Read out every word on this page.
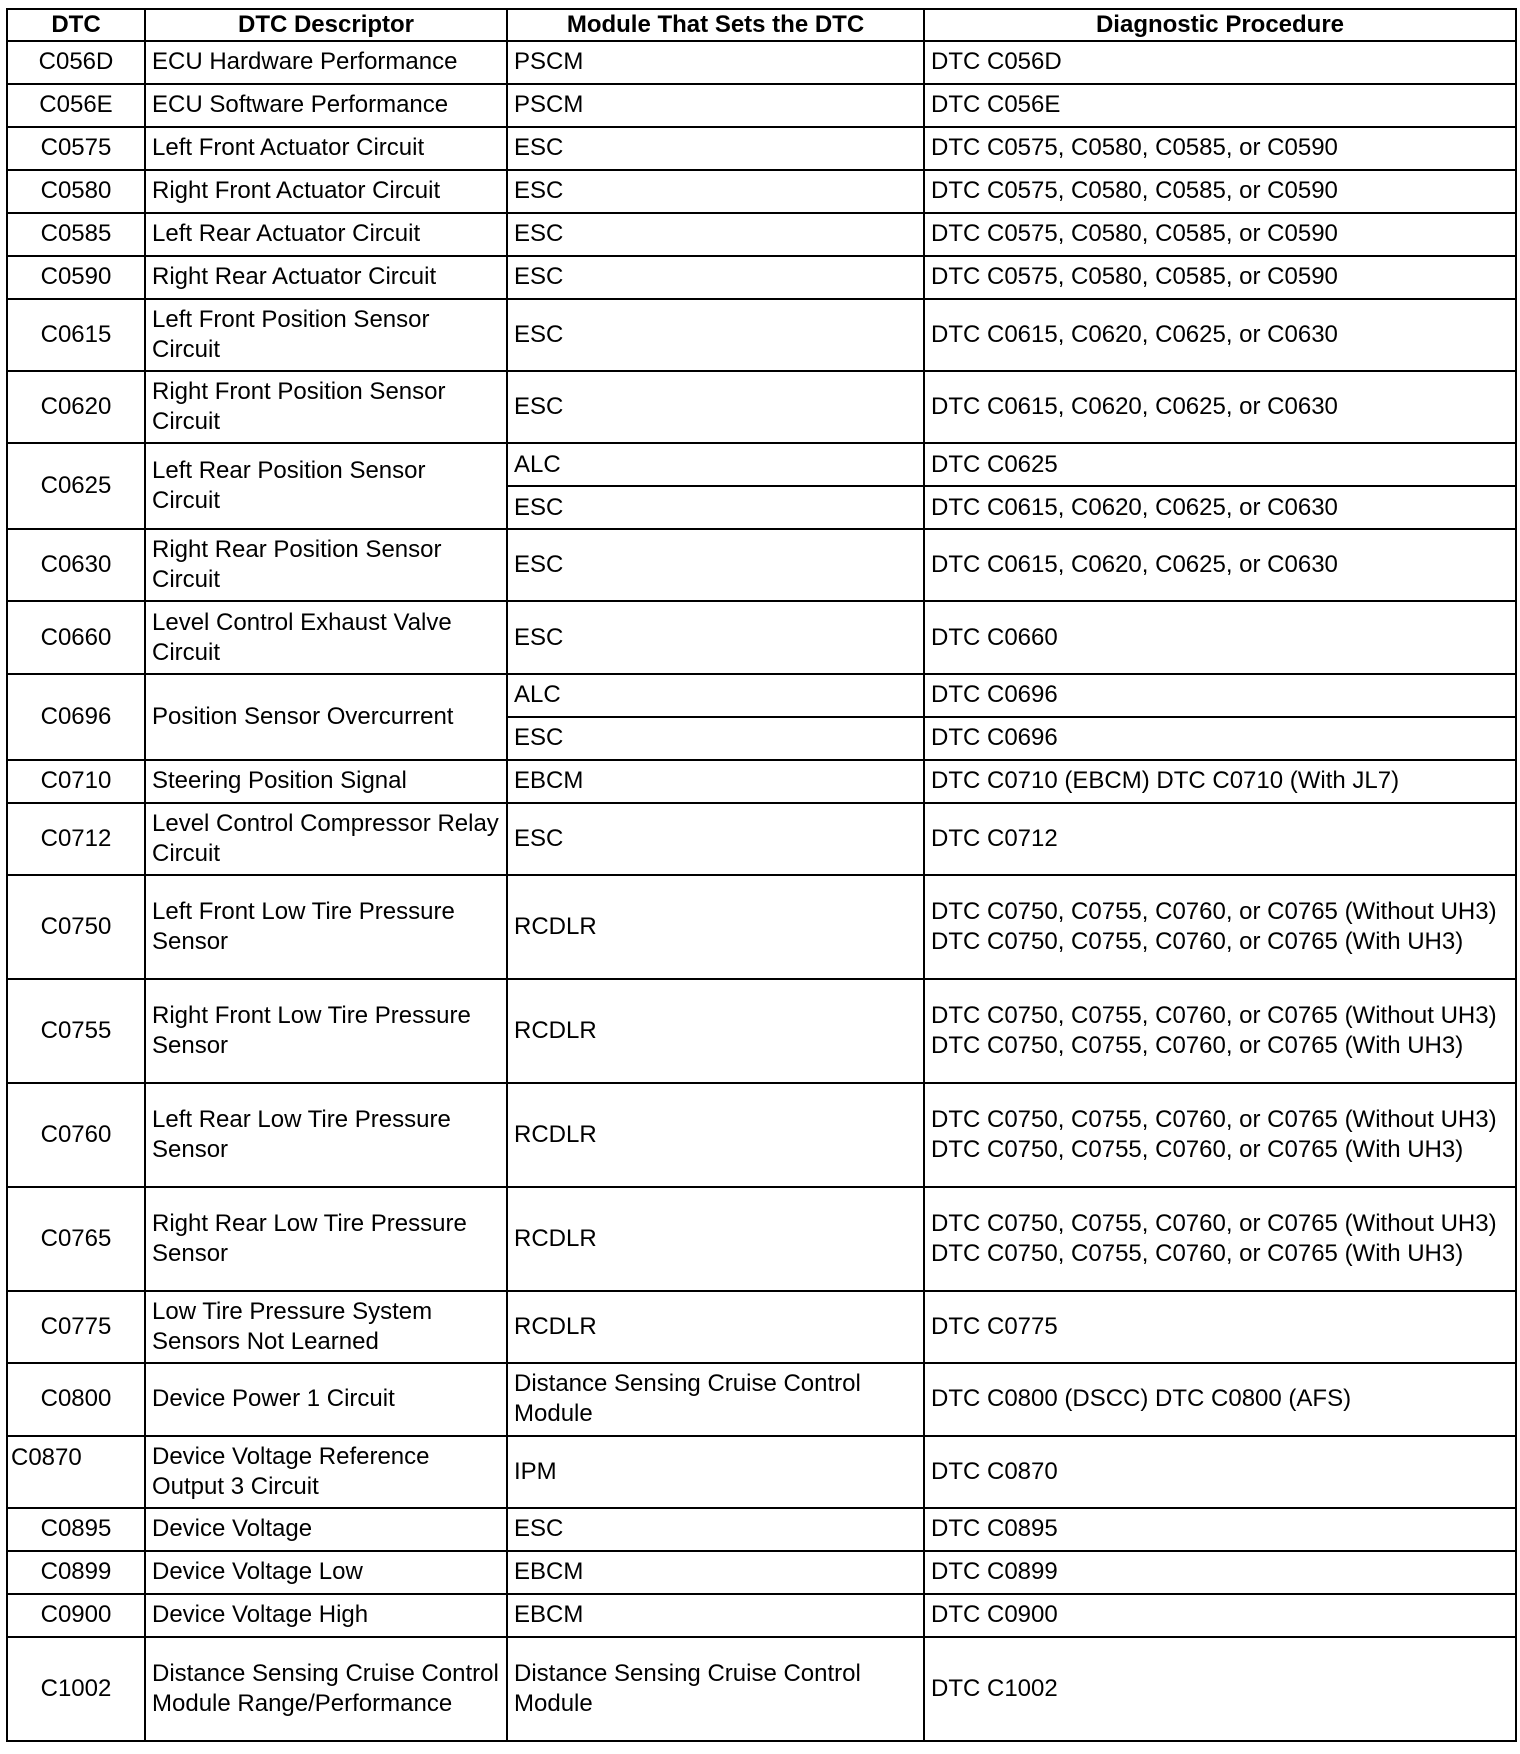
DTC	DTC Descriptor	Module That Sets the DTC	Diagnostic Procedure
C056D	ECU Hardware Performance	PSCM	DTC C056D
C056E	ECU Software Performance	PSCM	DTC C056E
C0575	Left Front Actuator Circuit	ESC	DTC C0575, C0580, C0585, or C0590
C0580	Right Front Actuator Circuit	ESC	DTC C0575, C0580, C0585, or C0590
C0585	Left Rear Actuator Circuit	ESC	DTC C0575, C0580, C0585, or C0590
C0590	Right Rear Actuator Circuit	ESC	DTC C0575, C0580, C0585, or C0590
C0615	Left Front Position Sensor Circuit	ESC	DTC C0615, C0620, C0625, or C0630
C0620	Right Front Position Sensor Circuit	ESC	DTC C0615, C0620, C0625, or C0630
C0625	Left Rear Position Sensor Circuit	ALC	DTC C0625
		ESC	DTC C0615, C0620, C0625, or C0630
C0630	Right Rear Position Sensor Circuit	ESC	DTC C0615, C0620, C0625, or C0630
C0660	Level Control Exhaust Valve Circuit	ESC	DTC C0660
C0696	Position Sensor Overcurrent	ALC	DTC C0696
		ESC	DTC C0696
C0710	Steering Position Signal	EBCM	DTC C0710 (EBCM) DTC C0710 (With JL7)
C0712	Level Control Compressor Relay Circuit	ESC	DTC C0712
C0750	Left Front Low Tire Pressure Sensor	RCDLR	DTC C0750, C0755, C0760, or C0765 (Without UH3) DTC C0750, C0755, C0760, or C0765 (With UH3)
C0755	Right Front Low Tire Pressure Sensor	RCDLR	DTC C0750, C0755, C0760, or C0765 (Without UH3) DTC C0750, C0755, C0760, or C0765 (With UH3)
C0760	Left Rear Low Tire Pressure Sensor	RCDLR	DTC C0750, C0755, C0760, or C0765 (Without UH3) DTC C0750, C0755, C0760, or C0765 (With UH3)
C0765	Right Rear Low Tire Pressure Sensor	RCDLR	DTC C0750, C0755, C0760, or C0765 (Without UH3) DTC C0750, C0755, C0760, or C0765 (With UH3)
C0775	Low Tire Pressure System Sensors Not Learned	RCDLR	DTC C0775
C0800	Device Power 1 Circuit	Distance Sensing Cruise Control Module	DTC C0800 (DSCC) DTC C0800 (AFS)
C0870	Device Voltage Reference Output 3 Circuit	IPM	DTC C0870
C0895	Device Voltage	ESC	DTC C0895
C0899	Device Voltage Low	EBCM	DTC C0899
C0900	Device Voltage High	EBCM	DTC C0900
C1002	Distance Sensing Cruise Control Module Range/Performance	Distance Sensing Cruise Control Module	DTC C1002
